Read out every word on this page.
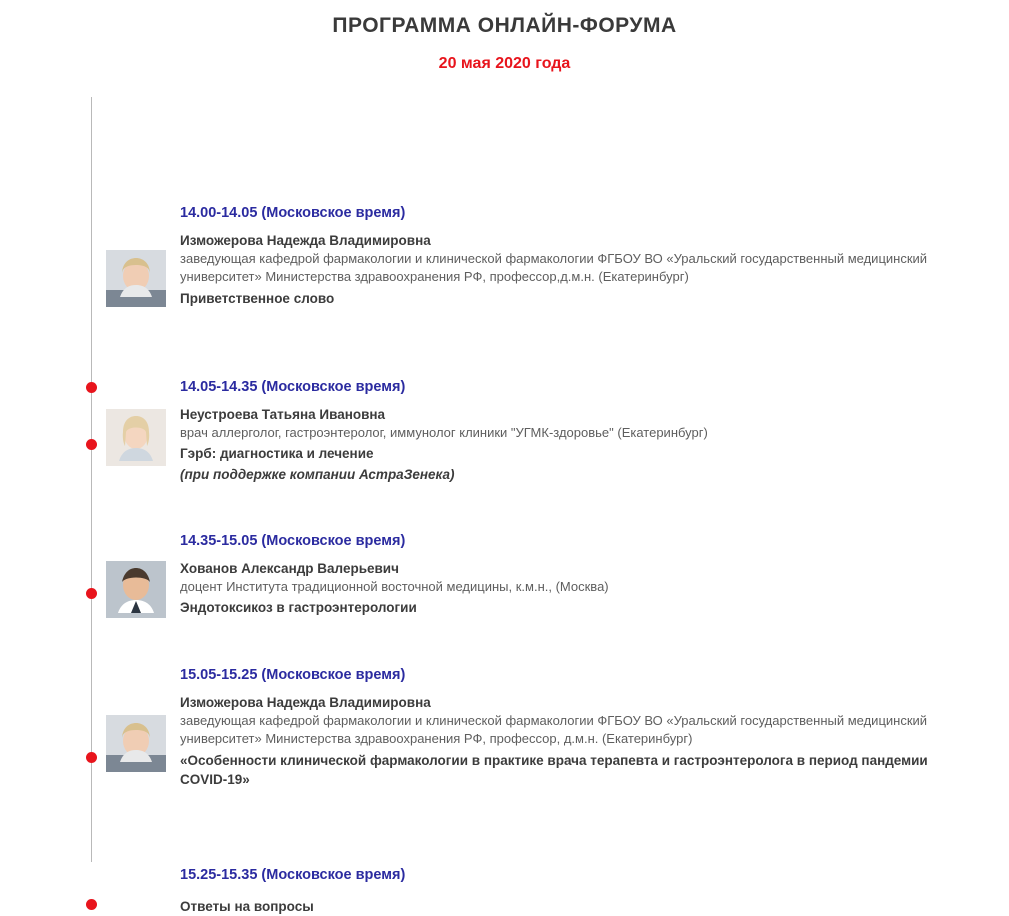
ПРОГРАММА ОНЛАЙН-ФОРУМА
20 мая 2020 года

14.00-14.05 (Московское время)

Изможерова Надежда Владимировна

заведующая кафедрой фармакологии и клинической фармакологии ФГБОУ ВО «Уральский государственный медицинский университет» Министерства здравоохранения РФ, профессор,д.м.н. (Екатеринбург)

Приветственное слово

14.05-14.35 (Московское время)

Неустроева Татьяна Ивановна

врач аллерголог, гастроэнтеролог, иммунолог клиники "УГМК-здоровье" (Екатеринбург)

Гэрб: диагностика и лечение

(при поддержке компании АстраЗенека)

14.35-15.05 (Московское время)

Хованов Александр Валерьевич

доцент Института традиционной восточной медицины, к.м.н., (Москва)

Эндотоксикоз в гастроэнтерологии

15.05-15.25 (Московское время)

Изможерова Надежда Владимировна

заведующая кафедрой фармакологии и клинической фармакологии ФГБОУ ВО «Уральский государственный медицинский университет» Министерства здравоохранения РФ, профессор, д.м.н. (Екатеринбург)

«Особенности клинической фармакологии в практике врача терапевта и гастроэнтеролога в период пандемии COVID-19»

15.25-15.35 (Московское время)

Ответы на вопросы
